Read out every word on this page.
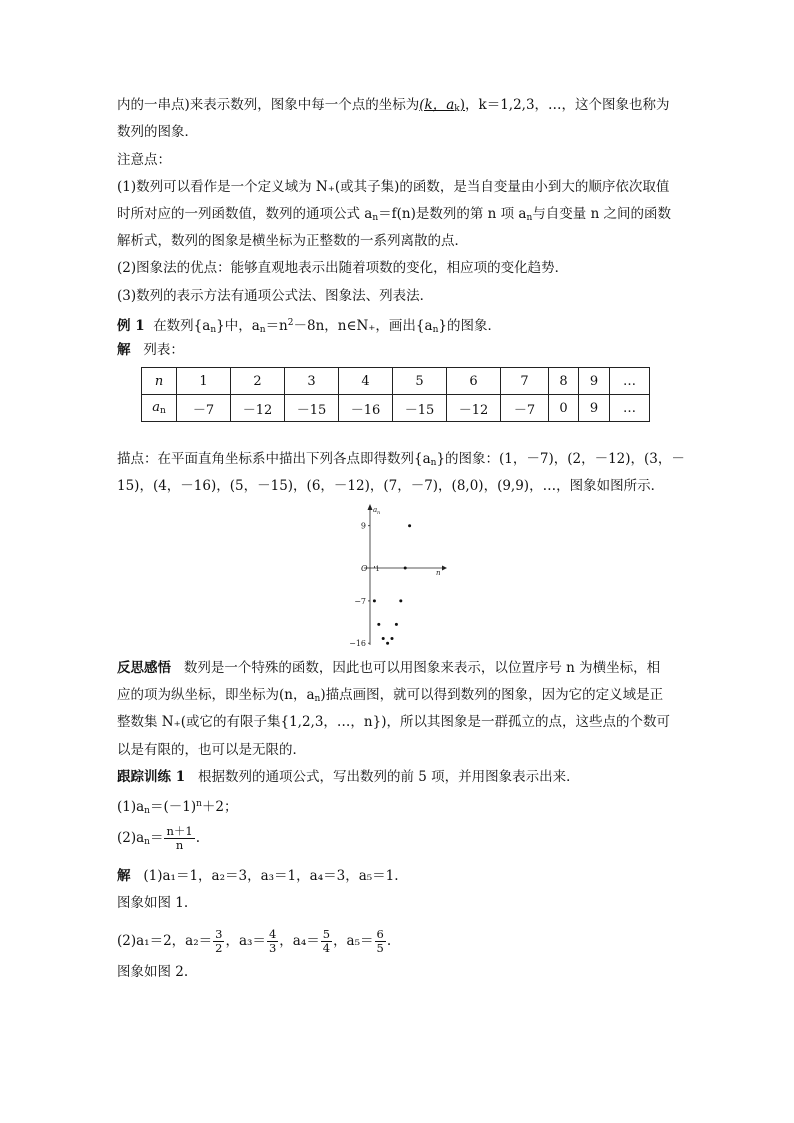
内的一串点)来表示数列，图象中每一个点的坐标为(k，$a_k$)，k＝1,2,3，…，这个图象也称为
数列的图象．
注意点：
(1)数列可以看作是一个定义域为 N₊(或其子集)的函数，是当自变量由小到大的顺序依次取值
时所对应的一列函数值，数列的通项公式 $a_n=f(n)$是数列的第 n 项 $a_n$与自变量 n 之间的函数
解析式，数列的图象是横坐标为正整数的一系列离散的点．
(2)图象法的优点：能够直观地表示出随着项数的变化，相应项的变化趋势．
(3)数列的表示方法有通项公式法、图象法、列表法．
例 1 在数列$\{a_n\}$中，$a_n=n^2-8n$，n∈N₊，画出$\{a_n\}$的图象．
解 列表：
n	1	2	3	4	5	6	7	8	9	…
$a_n$	－7	－12	－15	－16	－15	－12	－7	0	9	…
描点：在平面直角坐标系中描出下列各点即得数列$\{a_n\}$的图象：(1，－7)，(2，－12)，(3，－
15)，(4，－16)，(5，－15)，(6，－12)，(7，－7)，(8,0)，(9,9)，…，图象如图所示．
9
−7
−16
1
O	n
a n
反思感悟 数列是一个特殊的函数，因此也可以用图象来表示，以位置序号 n 为横坐标，相
应的项为纵坐标，即坐标为(n，$a_n$)描点画图，就可以得到数列的图象，因为它的定义域是正
整数集 N₊(或它的有限子集{1,2,3，…，n})，所以其图象是一群孤立的点，这些点的个数可
以是有限的，也可以是无限的．
跟踪训练 1 根据数列的通项公式，写出数列的前 5 项，并用图象表示出来．
$(1)a_n=(-1)^n+2$；
$(2)a_n= \frac{n+1}{n}$ .
解 (1)a₁＝1，a₂＝3，a₃＝1，a₄＝3，a₅＝1.
图象如图 1.
(2)a₁＝2，$a_2= \frac{3}{2}$ ，$a_3= \frac{4}{3}$ ，$a_4= \frac{5}{4}$ ，$a_5= \frac{6}{5}$ .
图象如图 2.
